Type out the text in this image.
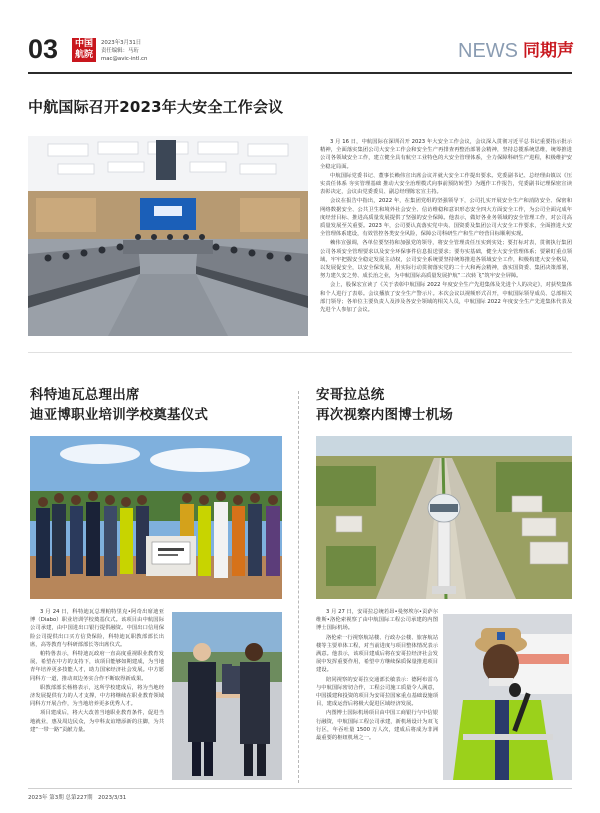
03	中国
航院
2023年3月31日
责任编辑：马珩
mac@avic-intl.cn	NEWS 同期声
中航国际召开2023年大安全工作会议

3 月 16 日，中航国际在深圳召开 2023 年大安全工作会议，会议深入贯彻习近平总书记重要指示批示精神，全面落实集团公司大安全工作会和安全生产再排查再整治部署会精神，坚持总揽系统思维，统筹推进公司各领域安全工作，建立健全具有航空工业特色的大安全管理体系，全力保障科研生产进程，积极维护安全稳定局面。

中航国际党委书记、董事长赖伟宣出席会议并就大安全工作提出要求。党委副书记、总经理由镇以《压实责任体系 夯实管理基础 推动大安全治理模式向事前预防转型》为题作工作报告，党委副书记理保密宣读表彰决定，会议由党委委员、副总经理陈宏宣主持。

会议在报告中指出，2022 年，在集团党组的坚强领导下，公司扎实开展安全生产和消防安全、保密和网络数据安全、公共卫生和境外社会安全、信访维稳和意识形态安全四大方面安全工作，为公司全面完成年度经营目标、推进高质量发展提供了坚强的安全保障。他表示，做好各业务领域的安全管理工作，对公司高质量发展至关重要。2023 年，公司要认真落实党中央、国资委及集团公司大安全工作要求，全面推进大安全管理体系建设，有效管控各类安全风险，保障公司科研生产和生产经营目标顺利实现。

赖伟宣强调，各单位要坚持和加强党的领导，将安全管理责任压实到实处；要打标对表，贯彻执行集团公司各项安全管理要求以及安全环保事件信息报送要求；要夯实基础，健全大安全管理体系；要紧盯重点领域，牢牢把握安全稳定发展主动权，公司安全系统要坚持统筹推进各领域安全工作，积极构建大安全格局，以发展促安全，以安全保发展，用实际行动贯彻落实党的二十大和两会精神，落实国资委、集团决策部署，努力建久安之势、成长治之业，为中航国际高质量发展护航“二次转飞”筑牢安全屏障。

会上，股保宏宣读了《关于表彰中航国际 2022 年度安全生产先进集体及先进个人的决定》，对获奖集体和个人进行了表彰。会议播放了安全生产警示片。本次会议以视频形式召开，中航国际领导成员、总部相关部门领导；各单位主要负责人及涉及各安全领域的相关人员，中航国际 2022 年度安全生产先进集体代表及先进个人参加了会议。

科特迪瓦总理出席
迪亚博职业培训学校奠基仪式

3 月 24 日，科特迪瓦总理帕特里克•阿奇出席迪亚博（Diabo）职业培训学校奠基仪式。该项目由中航国际公司承建，由中国进出口银行提供融资。中国出口信用保险公司提供出口买方信贷保险，科特迪瓦职教部部长出席，高等教育与科研部部长等出席仪式。

帕特鲁表示，科特迪瓦政府一直高度重视职业教育发展，希望在中方的支持下，该项目能够如期建成，为当地青年培养更多技能人才，助力国家经济社会发展。中方愿同科方一道，推动双边务实合作不断取得新成果。

职教部部长杨格表示，这所学校建成后，将为当地经济发展提供有力的人才支撑，中方将继续在职业教育领域同科方开展合作，为当地培养更多优秀人才。

项目建成后，将大大改善当地职业教育条件，促进当地就业，惠及周边民众，为中科友谊增添新的注脚，为共建“一带一路”贡献力量。

安哥拉总统
再次视察内图博士机场

3 月 27 日，安哥拉总统若昂•曼努埃尔•贡萨尔维斯•洛伦索视察了由中航国际工程公司承建的内图博士国际机场。

洛伦索一行视察航站楼、行政办公楼、旅客航站楼等主要单体工程，对当前进度与项目整体情况表示满意。他表示，该项目建成后将在安哥拉经济社会发展中发挥重要作用，希望中方继续保质保量推进项目建设。

陪同视察的安哥拉交通部长敏表示：德阿布雷乌与中航国际密切合作，工程公司施工质量令人满意，中国援建和投资的项目为安哥拉国家重点基础设施项目，建成运营后将极大促进区域经济发展。

内图博士国际机场项目由中国工商银行与中信银行融资，中航国际工程公司承建，新机场设计为双飞行区，年吞吐量 1500 万人次，建成后将成为非洲最重要的枢纽机场之一。

2023年 第3期 总第227期　2023/3/31
